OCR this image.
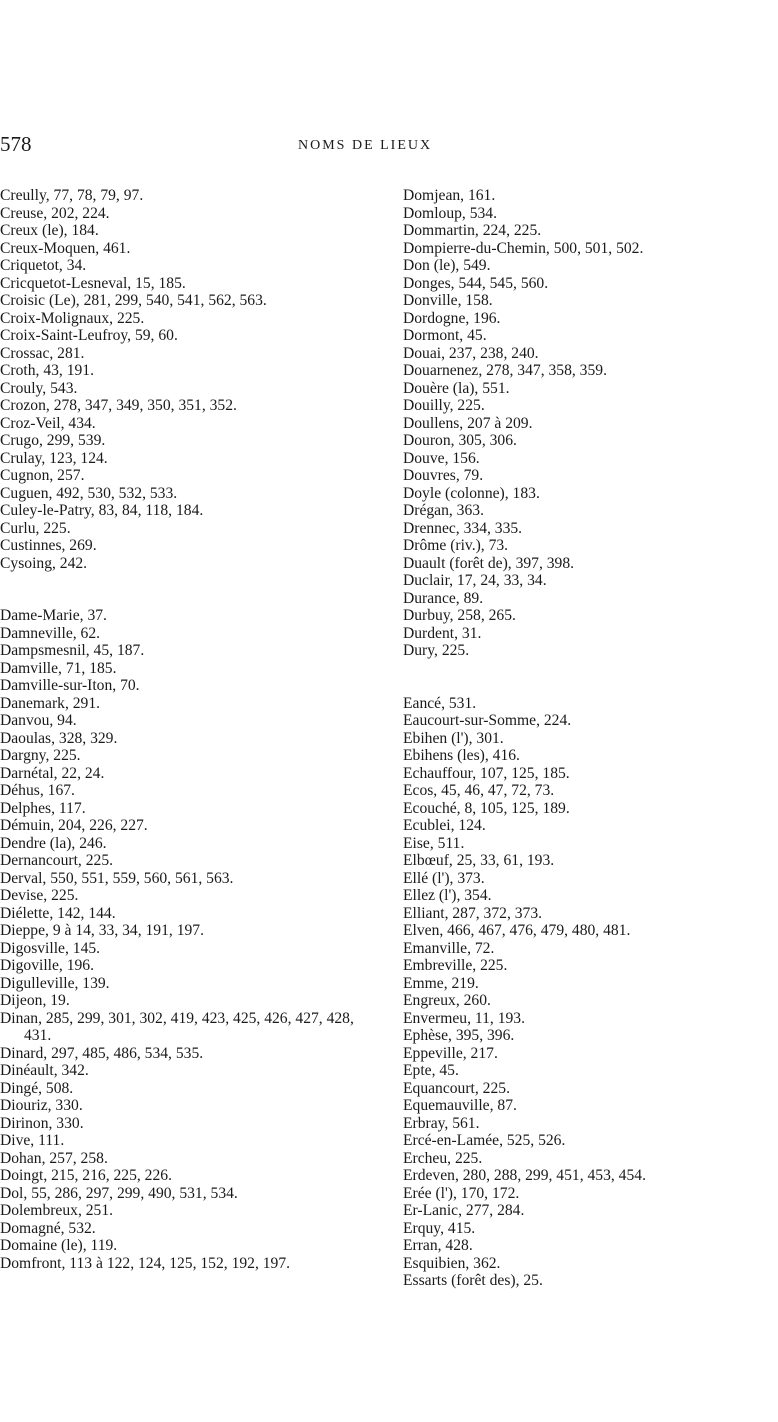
578	NOMS DE LIEUX
Creully, 77, 78, 79, 97.
Creuse, 202, 224.
Creux (le), 184.
Creux-Moquen, 461.
Criquetot, 34.
Cricquetot-Lesneval, 15, 185.
Croisic (Le), 281, 299, 540, 541, 562, 563.
Croix-Molignaux, 225.
Croix-Saint-Leufroy, 59, 60.
Crossac, 281.
Croth, 43, 191.
Crouly, 543.
Crozon, 278, 347, 349, 350, 351, 352.
Croz-Veil, 434.
Crugo, 299, 539.
Crulay, 123, 124.
Cugnon, 257.
Cuguen, 492, 530, 532, 533.
Culey-le-Patry, 83, 84, 118, 184.
Curlu, 225.
Custinnes, 269.
Cysoing, 242.
Dame-Marie, 37.
Damneville, 62.
Dampsmesnil, 45, 187.
Damville, 71, 185.
Damville-sur-Iton, 70.
Danemark, 291.
Danvou, 94.
Daoulas, 328, 329.
Dargny, 225.
Darnétal, 22, 24.
Déhus, 167.
Delphes, 117.
Démuin, 204, 226, 227.
Dendre (la), 246.
Dernancourt, 225.
Derval, 550, 551, 559, 560, 561, 563.
Devise, 225.
Diélette, 142, 144.
Dieppe, 9 à 14, 33, 34, 191, 197.
Digosville, 145.
Digoville, 196.
Digulleville, 139.
Dijeon, 19.
Dinan, 285, 299, 301, 302, 419, 423, 425, 426, 427, 428, 431.
Dinard, 297, 485, 486, 534, 535.
Dinéault, 342.
Dingé, 508.
Diouriz, 330.
Dirinon, 330.
Dive, 111.
Dohan, 257, 258.
Doingt, 215, 216, 225, 226.
Dol, 55, 286, 297, 299, 490, 531, 534.
Dolembreux, 251.
Domagné, 532.
Domaine (le), 119.
Domfront, 113 à 122, 124, 125, 152, 192, 197.
Domjean, 161.
Domloup, 534.
Dommartin, 224, 225.
Dompierre-du-Chemin, 500, 501, 502.
Don (le), 549.
Donges, 544, 545, 560.
Donville, 158.
Dordogne, 196.
Dormont, 45.
Douai, 237, 238, 240.
Douarnenez, 278, 347, 358, 359.
Douère (la), 551.
Douilly, 225.
Doullens, 207 à 209.
Douron, 305, 306.
Douve, 156.
Douvres, 79.
Doyle (colonne), 183.
Drégan, 363.
Drennec, 334, 335.
Drôme (riv.), 73.
Duault (forêt de), 397, 398.
Duclair, 17, 24, 33, 34.
Durance, 89.
Durbuy, 258, 265.
Durdent, 31.
Dury, 225.
Eancé, 531.
Eaucourt-sur-Somme, 224.
Ebihen (l'), 301.
Ebihens (les), 416.
Echauffour, 107, 125, 185.
Ecos, 45, 46, 47, 72, 73.
Ecouché, 8, 105, 125, 189.
Ecublei, 124.
Eise, 511.
Elbœuf, 25, 33, 61, 193.
Ellé (l'), 373.
Ellez (l'), 354.
Elliant, 287, 372, 373.
Elven, 466, 467, 476, 479, 480, 481.
Emanville, 72.
Embreville, 225.
Emme, 219.
Engreux, 260.
Envermeu, 11, 193.
Ephèse, 395, 396.
Eppeville, 217.
Epte, 45.
Equancourt, 225.
Equemauville, 87.
Erbray, 561.
Ercé-en-Lamée, 525, 526.
Ercheu, 225.
Erdeven, 280, 288, 299, 451, 453, 454.
Erée (l'), 170, 172.
Er-Lanic, 277, 284.
Erquy, 415.
Erran, 428.
Esquibien, 362.
Essarts (forêt des), 25.
